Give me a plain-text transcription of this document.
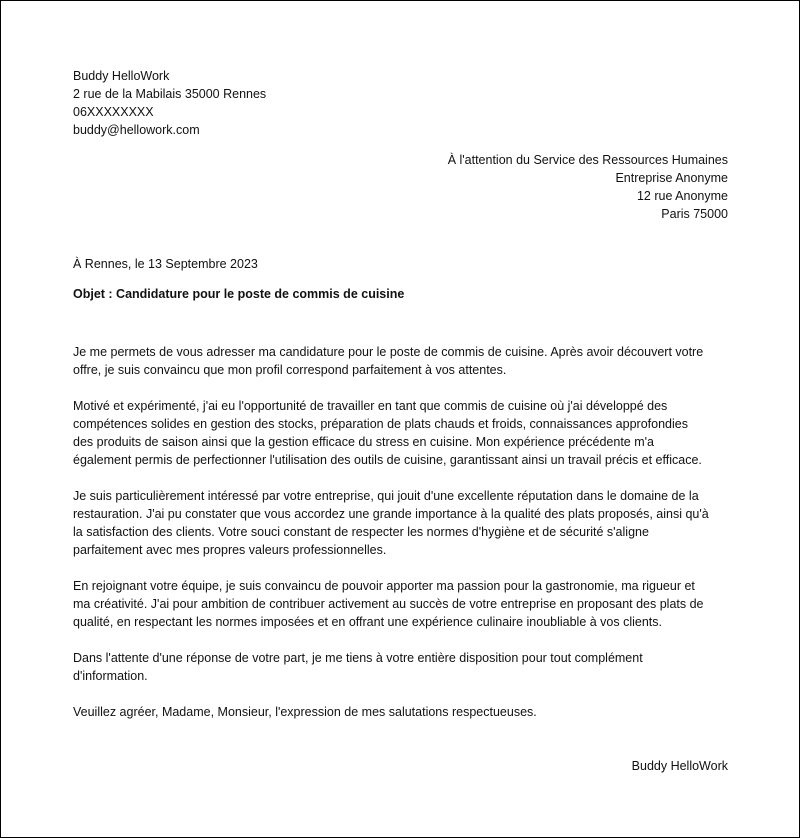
Buddy HelloWork
2 rue de la Mabilais 35000 Rennes
06XXXXXXXX
buddy@hellowork.com
À l'attention du Service des Ressources Humaines
Entreprise Anonyme
12 rue Anonyme
Paris 75000
À Rennes, le 13 Septembre 2023
Objet : Candidature pour le poste de commis de cuisine
Je me permets de vous adresser ma candidature pour le poste de commis de cuisine. Après avoir découvert votre
offre, je suis convaincu que mon profil correspond parfaitement à vos attentes.
Motivé et expérimenté, j'ai eu l'opportunité de travailler en tant que commis de cuisine où j'ai développé des
compétences solides en gestion des stocks, préparation de plats chauds et froids, connaissances approfondies
des produits de saison ainsi que la gestion efficace du stress en cuisine. Mon expérience précédente m'a
également permis de perfectionner l'utilisation des outils de cuisine, garantissant ainsi un travail précis et efficace.
Je suis particulièrement intéressé par votre entreprise, qui jouit d'une excellente réputation dans le domaine de la
restauration. J'ai pu constater que vous accordez une grande importance à la qualité des plats proposés, ainsi qu'à
la satisfaction des clients. Votre souci constant de respecter les normes d'hygiène et de sécurité s'aligne
parfaitement avec mes propres valeurs professionnelles.
En rejoignant votre équipe, je suis convaincu de pouvoir apporter ma passion pour la gastronomie, ma rigueur et
ma créativité. J'ai pour ambition de contribuer activement au succès de votre entreprise en proposant des plats de
qualité, en respectant les normes imposées et en offrant une expérience culinaire inoubliable à vos clients.
Dans l'attente d'une réponse de votre part, je me tiens à votre entière disposition pour tout complément
d'information.
Veuillez agréer, Madame, Monsieur, l'expression de mes salutations respectueuses.
Buddy HelloWork
